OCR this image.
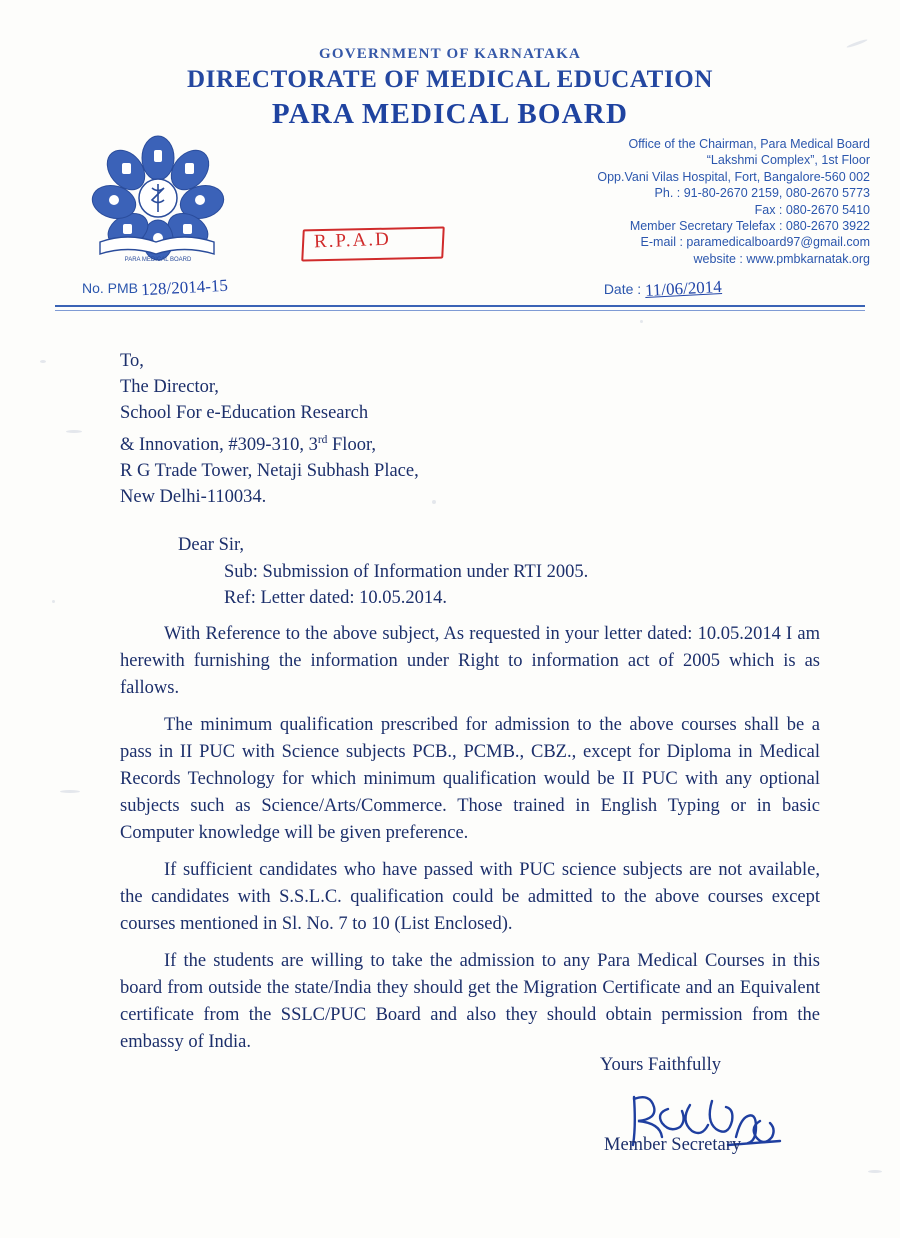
GOVERNMENT OF KARNATAKA
DIRECTORATE OF MEDICAL EDUCATION
PARA MEDICAL BOARD
PARA MEDICAL BOARD
Office of the Chairman, Para Medical Board
“Lakshmi Complex”, 1st Floor
Opp.Vani Vilas Hospital, Fort, Bangalore-560 002
Ph. : 91-80-2670 2159, 080-2670 5773
Fax : 080-2670 5410
Member Secretary Telefax : 080-2670 3922
E-mail : paramedicalboard97@gmail.com
website : www.pmbkarnatak.org
R.P.A.D
No. PMB 128/2014-15	Date : 11/06/2014
To,
The Director,
School For e-Education Research
& Innovation, #309-310, 3rd Floor,
R G Trade Tower, Netaji Subhash Place,
New Delhi-110034.
Dear Sir,
Sub: Submission of Information under RTI 2005.
Ref: Letter dated: 10.05.2014.
With Reference to the above subject, As requested in your letter dated: 10.05.2014 I am herewith furnishing the information under Right to information act of 2005 which is as fallows.
The minimum qualification prescribed for admission to the above courses shall be a pass in II PUC with Science subjects PCB., PCMB., CBZ., except for Diploma in Medical Records Technology for which minimum qualification would be II PUC with any optional subjects such as Science/Arts/Commerce. Those trained in English Typing or in basic Computer knowledge will be given preference.
If sufficient candidates who have passed with PUC science subjects are not available, the candidates with S.S.L.C. qualification could be admitted to the above courses except courses mentioned in Sl. No. 7 to 10 (List Enclosed).
If the students are willing to take the admission to any Para Medical Courses in this board from outside the state/India they should get the Migration Certificate and an Equivalent certificate from the SSLC/PUC Board and also they should obtain permission from the embassy of India.
Yours Faithfully
Member Secretary
